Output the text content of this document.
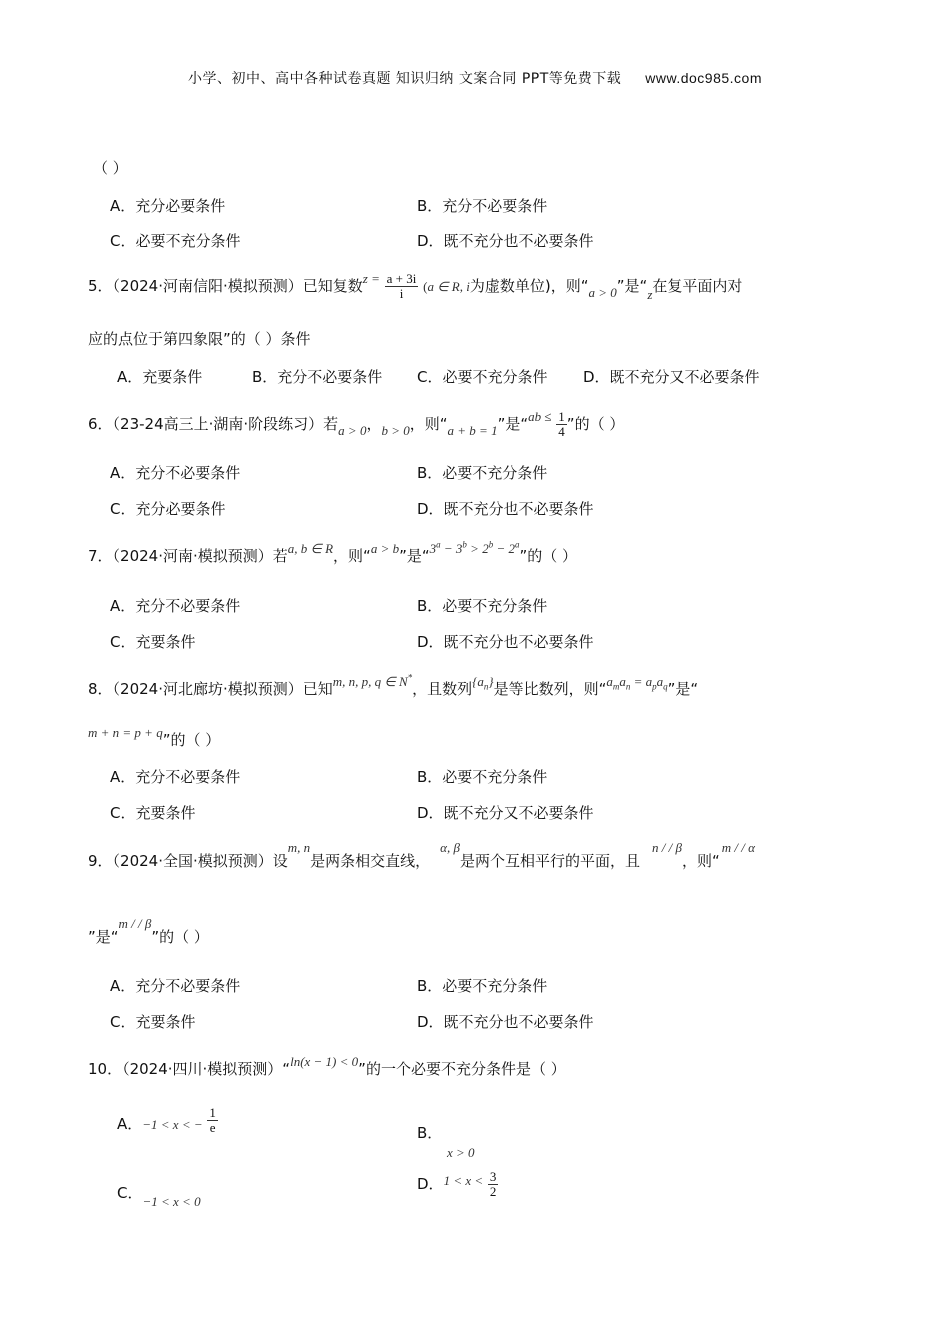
小学、初中、高中各种试卷真题 知识归纳 文案合同 PPT等免费下载 www.doc985.com
（ ）
A．充分必要条件	B．充分不必要条件
C．必要不充分条件	D．既不充分也不必要条件
5．（2024·河南信阳·模拟预测）已知复数$z = \frac{a + 3i}{i} (a$ ∈ R, i为虚数单位)，则“a > 0”是“z在复平面内对
应的点位于第四象限”的（ ）条件
A．充要条件	B．充分不必要条件 C．必要不充分条件 D．既不充分又不必要条件
6．（23-24高三上·湖南·阶段练习）若a > 0，b > 0，则“a + b = 1”是“ab ≤ $\frac{1}{4}$ ”的（ ）
A．充分不必要条件	B．必要不充分条件
C．充分必要条件	D．既不充分也不必要条件
7．（2024·河南·模拟预测）若a, b ∈ R，则“a > b”是“$3^a - 3^b > 2^b - 2^a$”的（ ）
A．充分不必要条件	B．必要不充分条件
C．充要条件	D．既不充分也不必要条件
8．（2024·河北廊坊·模拟预测）已知m, n, p, q ∈ N*，且数列$\{a_n\}$是等比数列，则“$a_ma_n = a_pa_q$”是“
m + n = p + q”的（ ）
A．充分不必要条件	B．必要不充分条件
C．充要条件	D．既不充分又不必要条件
9．（2024·全国·模拟预测）设m, n是两条相交直线，α, β是两个互相平行的平面，且n / / β，则“m / / α
”是“m / / β”的（ ）
A．充分不必要条件	B．必要不充分条件
C．充要条件	D．既不充分也不必要条件
10．（2024·四川·模拟预测）“ln(x − 1) < 0”的一个必要不充分条件是（ ）
A．−1 < x < − $\frac{1}{e}$	B．
x > 0
C．−1 < x < 0
D．$1 < x < \frac{3}{2}$
